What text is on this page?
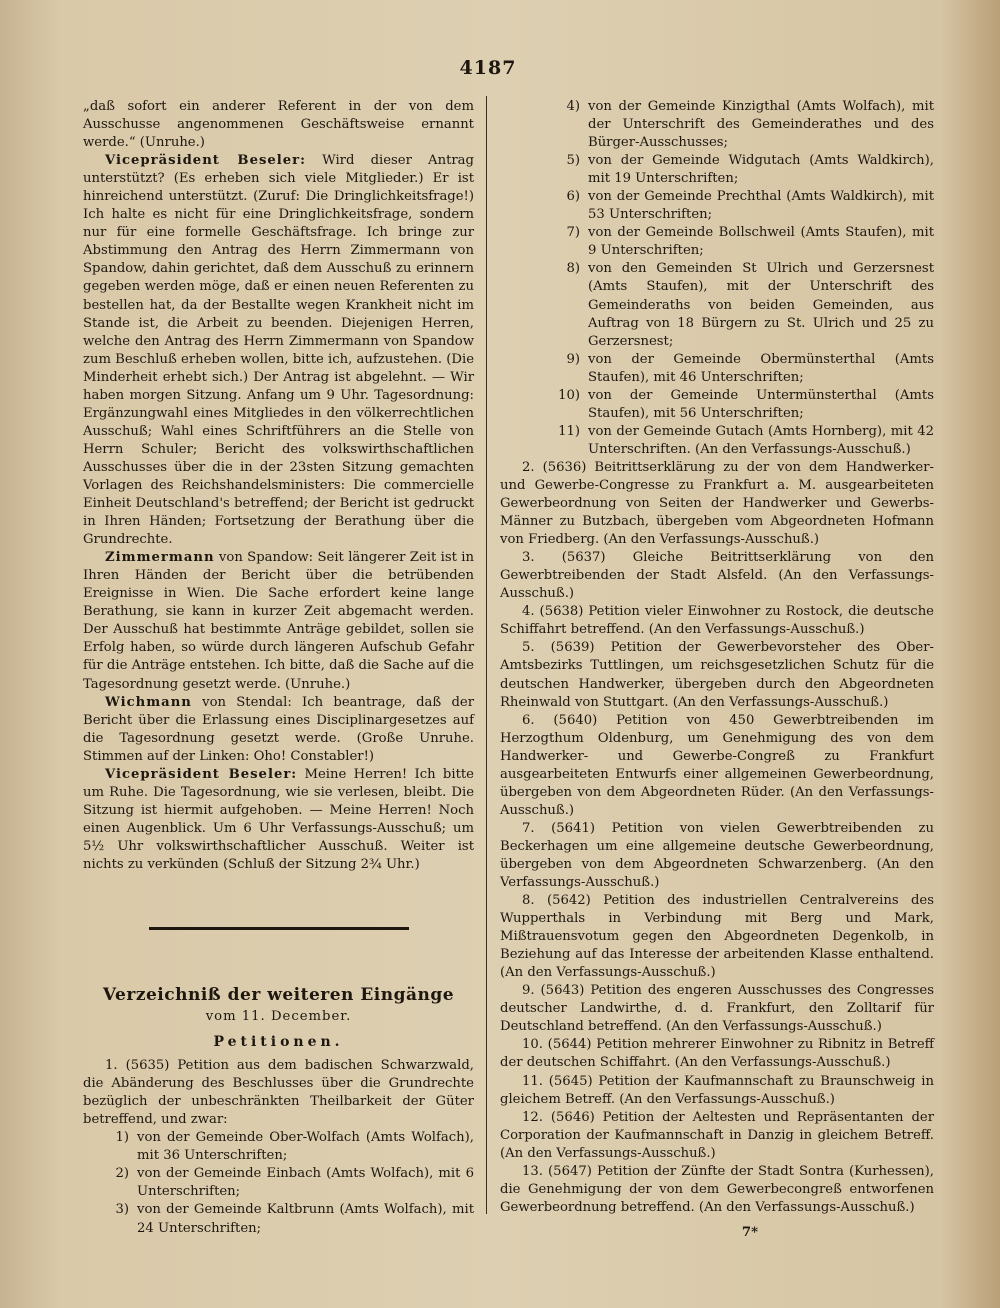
4187

„daß sofort ein anderer Referent in der von dem Ausschusse angenommenen Geschäftsweise ernannt werde.“ (Unruhe.)

Vicepräsident Beseler: Wird dieser Antrag unterstützt? (Es erheben sich viele Mitglieder.) Er ist hinreichend unterstützt. (Zuruf: Die Dringlichkeitsfrage!) Ich halte es nicht für eine Dringlichkeitsfrage, sondern nur für eine formelle Geschäftsfrage. Ich bringe zur Abstimmung den Antrag des Herrn Zimmermann von Spandow, dahin gerichtet, daß dem Ausschuß zu erinnern gegeben werden möge, daß er einen neuen Referenten zu bestellen hat, da der Bestallte wegen Krankheit nicht im Stande ist, die Arbeit zu beenden. Diejenigen Herren, welche den Antrag des Herrn Zimmermann von Spandow zum Beschluß erheben wollen, bitte ich, aufzustehen. (Die Minderheit erhebt sich.) Der Antrag ist abgelehnt. — Wir haben morgen Sitzung. Anfang um 9 Uhr. Tagesordnung: Ergänzungwahl eines Mitgliedes in den völkerrechtlichen Ausschuß; Wahl eines Schriftführers an die Stelle von Herrn Schuler; Bericht des volkswirthschaftlichen Ausschusses über die in der 23sten Sitzung gemachten Vorlagen des Reichshandelsministers: Die commercielle Einheit Deutschland's betreffend; der Bericht ist gedruckt in Ihren Händen; Fortsetzung der Berathung über die Grundrechte.

Zimmermann von Spandow: Seit längerer Zeit ist in Ihren Händen der Bericht über die betrübenden Ereignisse in Wien. Die Sache erfordert keine lange Berathung, sie kann in kurzer Zeit abgemacht werden. Der Ausschuß hat bestimmte Anträge gebildet, sollen sie Erfolg haben, so würde durch längeren Aufschub Gefahr für die Anträge entstehen. Ich bitte, daß die Sache auf die Tagesordnung gesetzt werde. (Unruhe.)

Wichmann von Stendal: Ich beantrage, daß der Bericht über die Erlassung eines Disciplinargesetzes auf die Tagesordnung gesetzt werde. (Große Unruhe. Stimmen auf der Linken: Oho! Constabler!)

Vicepräsident Beseler: Meine Herren! Ich bitte um Ruhe. Die Tagesordnung, wie sie verlesen, bleibt. Die Sitzung ist hiermit aufgehoben. — Meine Herren! Noch einen Augenblick. Um 6 Uhr Verfassungs-Ausschuß; um 5½ Uhr volkswirthschaftlicher Ausschuß. Weiter ist nichts zu verkünden (Schluß der Sitzung 2¾ Uhr.)

Verzeichniß der weiteren Eingänge
vom 11. December.
Petitionen.

1. (5635) Petition aus dem badischen Schwarzwald, die Abänderung des Beschlusses über die Grundrechte bezüglich der unbeschränkten Theilbarkeit der Güter betreffend, und zwar:

1) von der Gemeinde Ober-Wolfach (Amts Wolfach), mit 36 Unterschriften;
2) von der Gemeinde Einbach (Amts Wolfach), mit 6 Unterschriften;
3) von der Gemeinde Kaltbrunn (Amts Wolfach), mit 24 Unterschriften;
4) von der Gemeinde Kinzigthal (Amts Wolfach), mit der Unterschrift des Gemeinderathes und des Bürger-Ausschusses;
5) von der Gemeinde Widgutach (Amts Waldkirch), mit 19 Unterschriften;
6) von der Gemeinde Prechthal (Amts Waldkirch), mit 53 Unterschriften;
7) von der Gemeinde Bollschweil (Amts Staufen), mit 9 Unterschriften;
8) von den Gemeinden St Ulrich und Gerzersnest (Amts Staufen), mit der Unterschrift des Gemeinderaths von beiden Gemeinden, aus Auftrag von 18 Bürgern zu St. Ulrich und 25 zu Gerzersnest;
9) von der Gemeinde Obermünsterthal (Amts Staufen), mit 46 Unterschriften;
10) von der Gemeinde Untermünsterthal (Amts Staufen), mit 56 Unterschriften;
11) von der Gemeinde Gutach (Amts Hornberg), mit 42 Unterschriften. (An den Verfassungs-Ausschuß.)

2. (5636) Beitrittserklärung zu der von dem Handwerker- und Gewerbe-Congresse zu Frankfurt a. M. ausgearbeiteten Gewerbeordnung von Seiten der Handwerker und Gewerbs-Männer zu Butzbach, übergeben vom Abgeordneten Hofmann von Friedberg. (An den Verfassungs-Ausschuß.)

3. (5637) Gleiche Beitrittserklärung von den Gewerbtreibenden der Stadt Alsfeld. (An den Verfassungs-Ausschuß.)

4. (5638) Petition vieler Einwohner zu Rostock, die deutsche Schiffahrt betreffend. (An den Verfassungs-Ausschuß.)

5. (5639) Petition der Gewerbevorsteher des Ober-Amtsbezirks Tuttlingen, um reichsgesetzlichen Schutz für die deutschen Handwerker, übergeben durch den Abgeordneten Rheinwald von Stuttgart. (An den Verfassungs-Ausschuß.)

6. (5640) Petition von 450 Gewerbtreibenden im Herzogthum Oldenburg, um Genehmigung des von dem Handwerker- und Gewerbe-Congreß zu Frankfurt ausgearbeiteten Entwurfs einer allgemeinen Gewerbeordnung, übergeben von dem Abgeordneten Rüder. (An den Verfassungs-Ausschuß.)

7. (5641) Petition von vielen Gewerbtreibenden zu Beckerhagen um eine allgemeine deutsche Gewerbeordnung, übergeben von dem Abgeordneten Schwarzenberg. (An den Verfassungs-Ausschuß.)

8. (5642) Petition des industriellen Centralvereins des Wupperthals in Verbindung mit Berg und Mark, Mißtrauensvotum gegen den Abgeordneten Degenkolb, in Beziehung auf das Interesse der arbeitenden Klasse enthaltend. (An den Verfassungs-Ausschuß.)

9. (5643) Petition des engeren Ausschusses des Congresses deutscher Landwirthe, d. d. Frankfurt, den Zolltarif für Deutschland betreffend. (An den Verfassungs-Ausschuß.)

10. (5644) Petition mehrerer Einwohner zu Ribnitz in Betreff der deutschen Schiffahrt. (An den Verfassungs-Ausschuß.)

11. (5645) Petition der Kaufmannschaft zu Braunschweig in gleichem Betreff. (An den Verfassungs-Ausschuß.)

12. (5646) Petition der Aeltesten und Repräsentanten der Corporation der Kaufmannschaft in Danzig in gleichem Betreff. (An den Verfassungs-Ausschuß.)

13. (5647) Petition der Zünfte der Stadt Sontra (Kurhessen), die Genehmigung der von dem Gewerbecongreß entworfenen Gewerbeordnung betreffend. (An den Verfassungs-Ausschuß.)

7*
